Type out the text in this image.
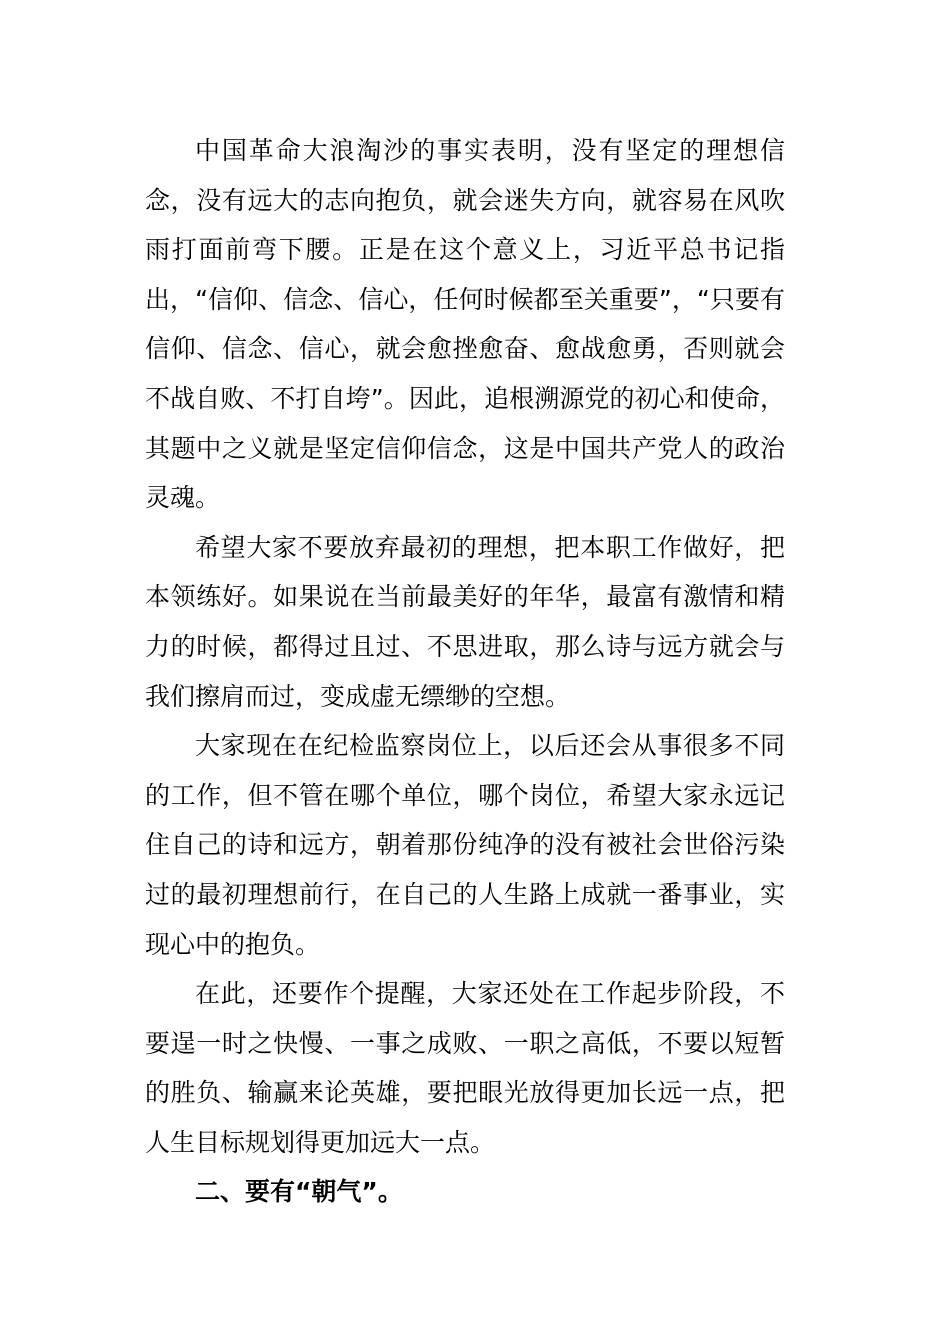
中国革命大浪淘沙的事实表明，没有坚定的理想信念，没有远大的志向抱负，就会迷失方向，就容易在风吹雨打面前弯下腰。正是在这个意义上，习近平总书记指出，“信仰、信念、信心，任何时候都至关重要”，“只要有信仰、信念、信心，就会愈挫愈奋、愈战愈勇，否则就会不战自败、不打自垮”。因此，追根溯源党的初心和使命，其题中之义就是坚定信仰信念，这是中国共产党人的政治灵魂。

希望大家不要放弃最初的理想，把本职工作做好，把本领练好。如果说在当前最美好的年华，最富有激情和精力的时候，都得过且过、不思进取，那么诗与远方就会与我们擦肩而过，变成虚无缥缈的空想。

大家现在在纪检监察岗位上，以后还会从事很多不同的工作，但不管在哪个单位，哪个岗位，希望大家永远记住自己的诗和远方，朝着那份纯净的没有被社会世俗污染过的最初理想前行，在自己的人生路上成就一番事业，实现心中的抱负。

在此，还要作个提醒，大家还处在工作起步阶段，不要逞一时之快慢、一事之成败、一职之高低，不要以短暂的胜负、输赢来论英雄，要把眼光放得更加长远一点，把人生目标规划得更加远大一点。

二、要有“朝气”。
